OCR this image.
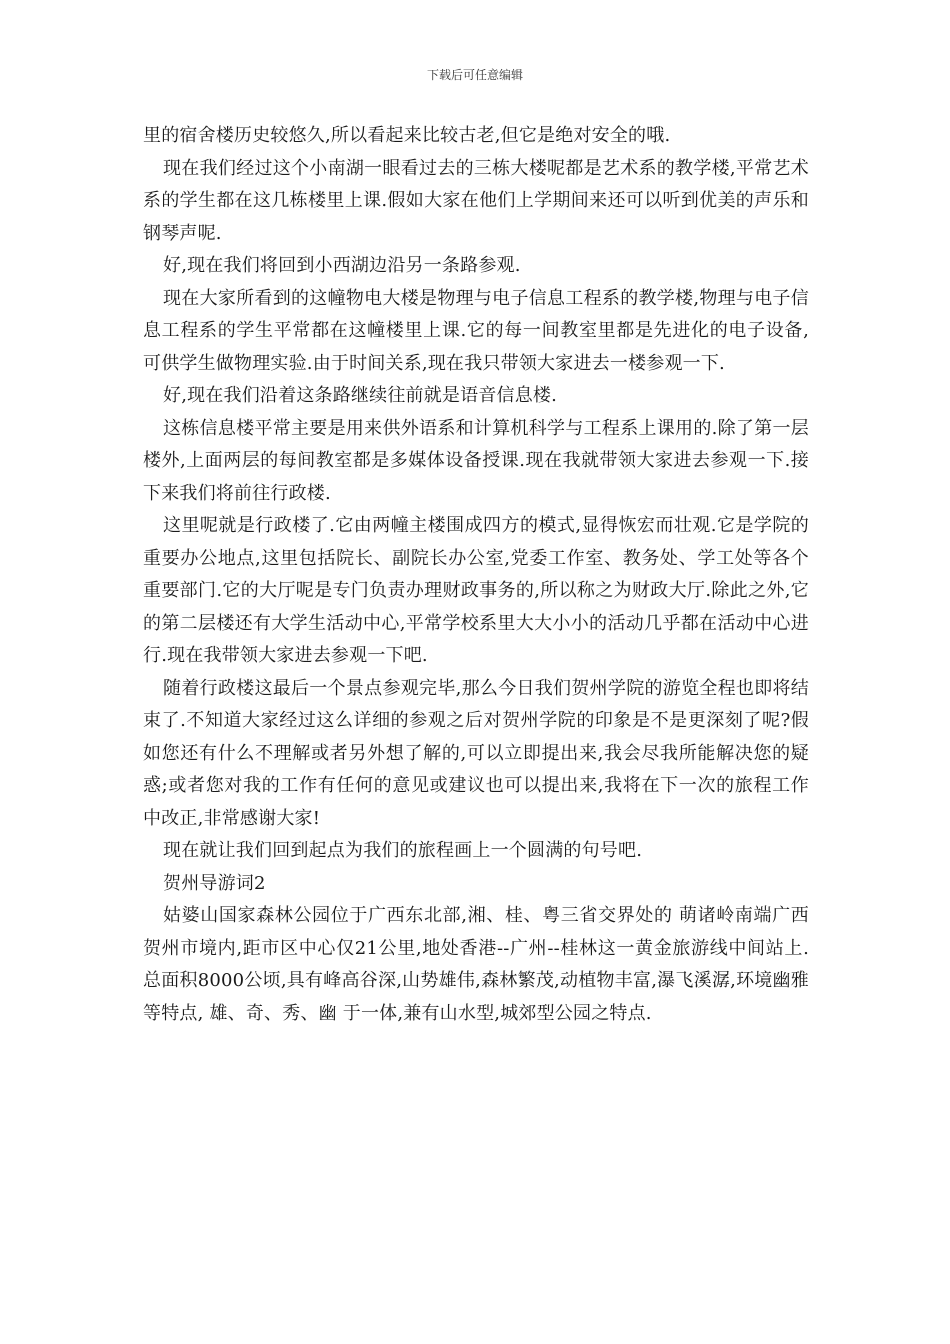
下载后可任意编辑

里的宿舍楼历史较悠久,所以看起来比较古老,但它是绝对安全的哦.

现在我们经过这个小南湖一眼看过去的三栋大楼呢都是艺术系的教学楼,平常艺术系的学生都在这几栋楼里上课.假如大家在他们上学期间来还可以听到优美的声乐和钢琴声呢.

好,现在我们将回到小西湖边沿另一条路参观.

现在大家所看到的这幢物电大楼是物理与电子信息工程系的教学楼,物理与电子信息工程系的学生平常都在这幢楼里上课.它的每一间教室里都是先进化的电子设备,可供学生做物理实验.由于时间关系,现在我只带领大家进去一楼参观一下.

好,现在我们沿着这条路继续往前就是语音信息楼.

这栋信息楼平常主要是用来供外语系和计算机科学与工程系上课用的.除了第一层楼外,上面两层的每间教室都是多媒体设备授课.现在我就带领大家进去参观一下.接下来我们将前往行政楼.

这里呢就是行政楼了.它由两幢主楼围成四方的模式,显得恢宏而壮观.它是学院的重要办公地点,这里包括院长、副院长办公室,党委工作室、教务处、学工处等各个重要部门.它的大厅呢是专门负责办理财政事务的,所以称之为财政大厅.除此之外,它的第二层楼还有大学生活动中心,平常学校系里大大小小的活动几乎都在活动中心进行.现在我带领大家进去参观一下吧.

随着行政楼这最后一个景点参观完毕,那么今日我们贺州学院的游览全程也即将结束了.不知道大家经过这么详细的参观之后对贺州学院的印象是不是更深刻了呢?假如您还有什么不理解或者另外想了解的,可以立即提出来,我会尽我所能解决您的疑惑;或者您对我的工作有任何的意见或建议也可以提出来,我将在下一次的旅程工作中改正,非常感谢大家!

现在就让我们回到起点为我们的旅程画上一个圆满的句号吧.

贺州导游词2

姑婆山国家森林公园位于广西东北部,湘、桂、粤三省交界处的 萌诸岭南端广西贺州市境内,距市区中心仅21公里,地处香港--广州--桂林这一黄金旅游线中间站上.总面积8000公顷,具有峰高谷深,山势雄伟,森林繁茂,动植物丰富,瀑飞溪潺,环境幽雅等特点, 雄、奇、秀、幽 于一体,兼有山水型,城郊型公园之特点.
